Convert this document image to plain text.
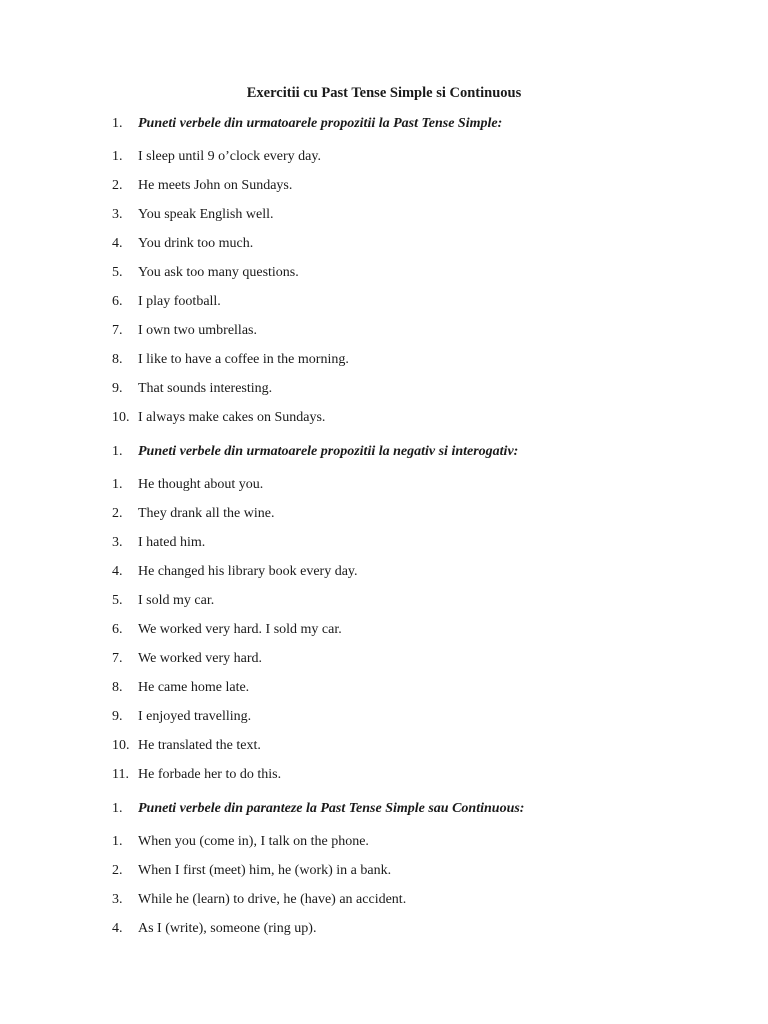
Exercitii cu Past Tense Simple si Continuous
1. Puneti verbele din urmatoarele propozitii la Past Tense Simple:
1. I sleep until 9 o’clock every day.
2. He meets John on Sundays.
3. You speak English well.
4. You drink too much.
5. You ask too many questions.
6. I play football.
7. I own two umbrellas.
8. I like to have a coffee in the morning.
9. That sounds interesting.
10. I always make cakes on Sundays.
1. Puneti verbele din urmatoarele propozitii la negativ si interogativ:
1. He thought about you.
2. They drank all the wine.
3. I hated him.
4. He changed his library book every day.
5. I sold my car.
6. We worked very hard. I sold my car.
7. We worked very hard.
8. He came home late.
9. I enjoyed travelling.
10. He translated the text.
11. He forbade her to do this.
1. Puneti verbele din paranteze la Past Tense Simple sau Continuous:
1. When you (come in), I talk on the phone.
2. When I first (meet) him, he (work) in a bank.
3. While he (learn) to drive, he (have) an accident.
4. As I (write), someone (ring up).
